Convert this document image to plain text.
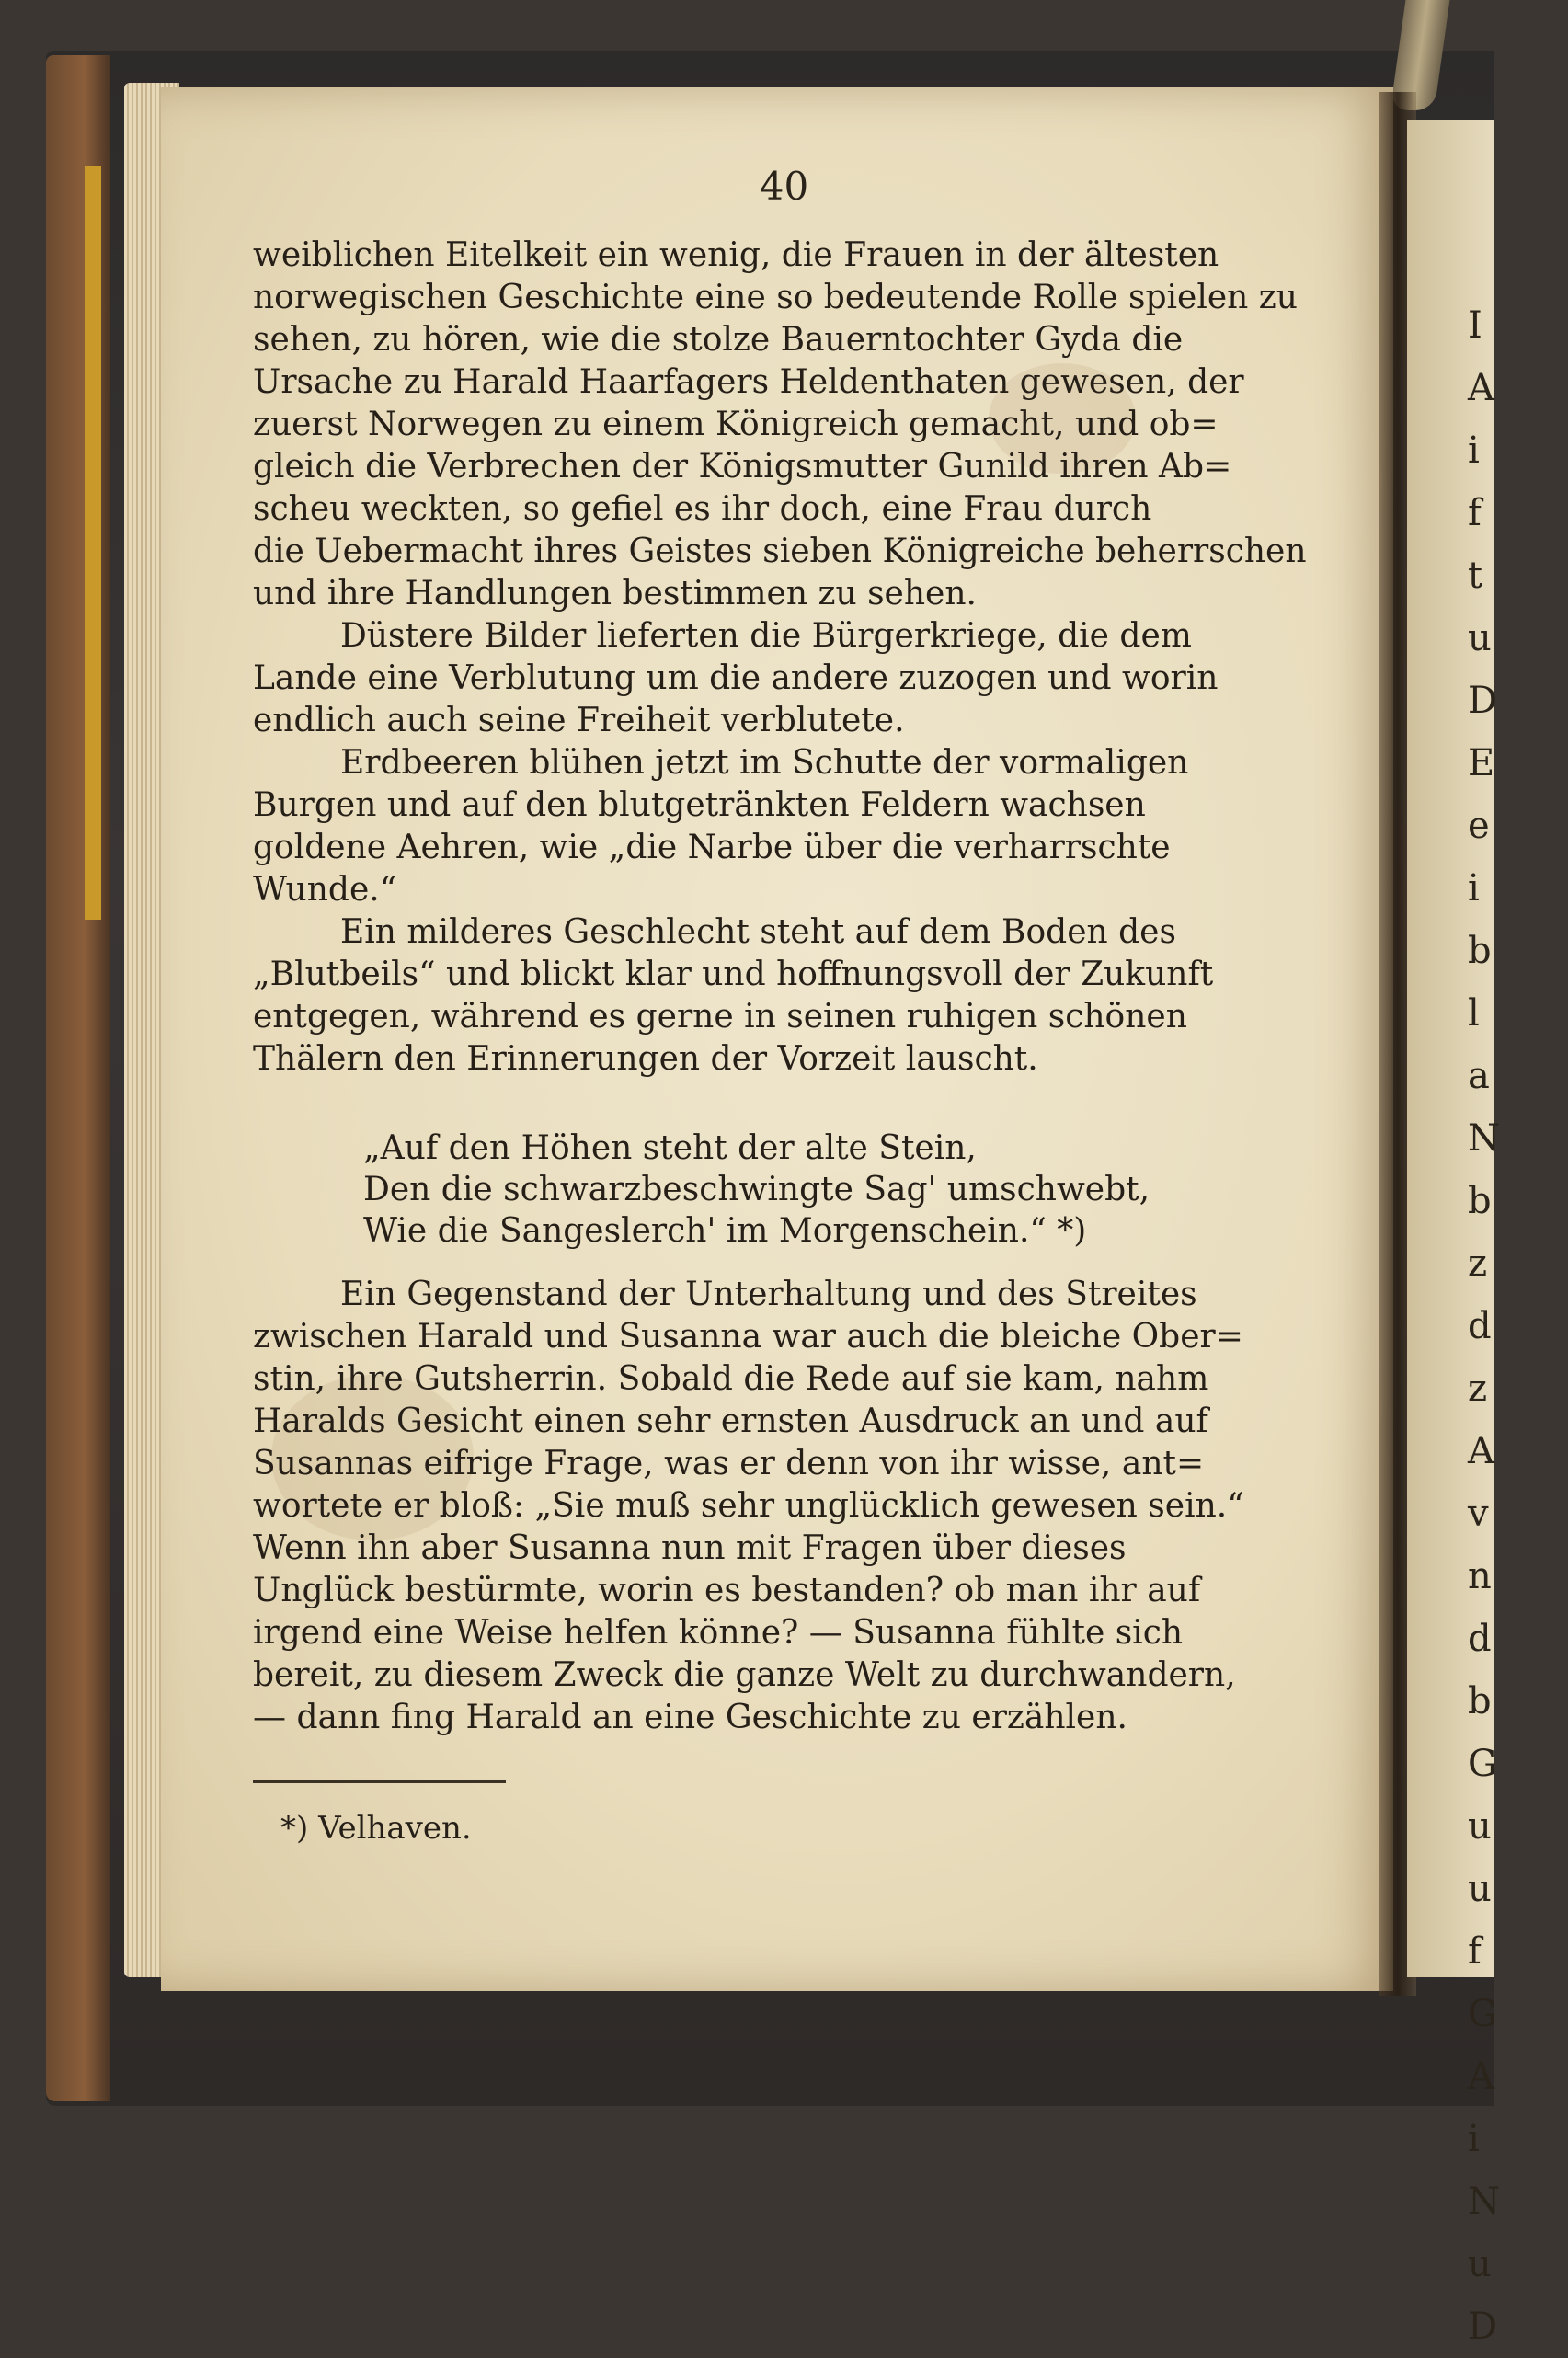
I
A
i
f
t
u
D
E
e
i
b
l
a
N
b
z
d
z
A
v
n
d
b
G
u
u
f
G
A
i
N
u
D
40
weiblichen Eitelkeit ein wenig, die Frauen in der ältesten
norwegischen Geschichte eine so bedeutende Rolle spielen zu
sehen, zu hören, wie die stolze Bauerntochter Gyda die
Ursache zu Harald Haarfagers Heldenthaten gewesen, der
zuerst Norwegen zu einem Königreich gemacht, und ob=
gleich die Verbrechen der Königsmutter Gunild ihren Ab=
scheu weckten, so gefiel es ihr doch, eine Frau durch
die Uebermacht ihres Geistes sieben Königreiche beherrschen
und ihre Handlungen bestimmen zu sehen.
Düstere Bilder lieferten die Bürgerkriege, die dem
Lande eine Verblutung um die andere zuzogen und worin
endlich auch seine Freiheit verblutete.
Erdbeeren blühen jetzt im Schutte der vormaligen
Burgen und auf den blutgetränkten Feldern wachsen
goldene Aehren, wie „die Narbe über die verharrschte
Wunde.“
Ein milderes Geschlecht steht auf dem Boden des
„Blutbeils“ und blickt klar und hoffnungsvoll der Zukunft
entgegen, während es gerne in seinen ruhigen schönen
Thälern den Erinnerungen der Vorzeit lauscht.
„Auf den Höhen steht der alte Stein,
Den die schwarzbeschwingte Sag' umschwebt,
Wie die Sangeslerch' im Morgenschein.“ *)
Ein Gegenstand der Unterhaltung und des Streites
zwischen Harald und Susanna war auch die bleiche Ober=
stin, ihre Gutsherrin. Sobald die Rede auf sie kam, nahm
Haralds Gesicht einen sehr ernsten Ausdruck an und auf
Susannas eifrige Frage, was er denn von ihr wisse, ant=
wortete er bloß: „Sie muß sehr unglücklich gewesen sein.“
Wenn ihn aber Susanna nun mit Fragen über dieses
Unglück bestürmte, worin es bestanden? ob man ihr auf
irgend eine Weise helfen könne? — Susanna fühlte sich
bereit, zu diesem Zweck die ganze Welt zu durchwandern,
— dann fing Harald an eine Geschichte zu erzählen.
*) Velhaven.
